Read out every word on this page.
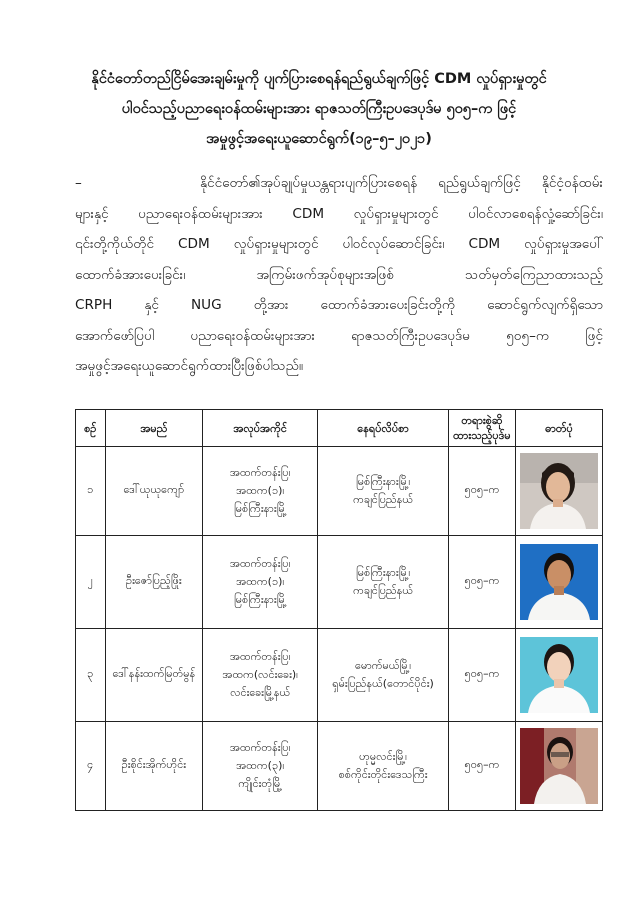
နိုင်ငံတော်တည်ငြိမ်အေးချမ်းမှုကို ပျက်ပြားစေရန်ရည်ရွယ်ချက်ဖြင့် CDM လှုပ်ရှားမှုတွင်
ပါဝင်သည့်ပညာရေးဝန်ထမ်းများအား ရာဇသတ်ကြီးဥပဒေပုဒ်မ ၅၀၅–က ဖြင့်
အမှုဖွင့်အရေးယူဆောင်ရွက်(၁၉–၅–၂၀၂၁)
–	နိုင်ငံတော်၏အုပ်ချုပ်မှုယန္တရားပျက်ပြားစေရန် ရည်ရွယ်ချက်ဖြင့် နိုင်ငံ့ဝန်ထမ်း
များနှင့် ပညာရေးဝန်ထမ်းများအား CDM လှုပ်ရှားမှုများတွင် ပါဝင်လာစေရန်လှုံ့ဆော်ခြင်း၊
၎င်းတို့ကိုယ်တိုင် CDM လှုပ်ရှားမှုများတွင် ပါဝင်လုပ်ဆောင်ခြင်း၊ CDM လှုပ်ရှားမှုအပေါ်
ထောက်ခံအားပေးခြင်း၊ အကြမ်းဖက်အုပ်စုများအဖြစ် သတ်မှတ်ကြေညာထားသည့်
CRPH နှင့် NUG တို့အား ထောက်ခံအားပေးခြင်းတို့ကို ဆောင်ရွက်လျက်ရှိသော
အောက်ဖော်ပြပါ ပညာရေးဝန်ထမ်းများအား ရာဇသတ်ကြီးဥပဒေပုဒ်မ ၅၀၅–က ဖြင့်
အမှုဖွင့်အရေးယူဆောင်ရွက်ထားပြီးဖြစ်ပါသည်။
စဉ်	အမည်	အလုပ်အကိုင်	နေရပ်လိပ်စာ	တရားစွဲဆို
ထားသည့်ပုဒ်မ	ဓာတ်ပုံ
၁	ဒေါ်ယုယုကျော်	အထက်တန်းပြ၊
အထက(၁)၊
မြစ်ကြီးနားမြို့	မြစ်ကြီးနားမြို့၊
ကချင်ပြည်နယ်	၅၀၅–က	

၂	ဦးဇော်ပြည့်ဖြိုး	အထက်တန်းပြ၊
အထက(၁)၊
မြစ်ကြီးနားမြို့	မြစ်ကြီးနားမြို့၊
ကချင်ပြည်နယ်	၅၀၅–က	

၃	ဒေါ်နန်းထက်မြတ်မွန်	အထက်တန်းပြ၊
အထက(လင်းခေး)၊
လင်းခေးမြို့နယ်	မောက်မယ်မြို့၊
ရှမ်းပြည်နယ်(တောင်ပိုင်း)	၅၀၅–က	

၄	ဦးစိုင်းအိုက်ဟိုင်း	အထက်တန်းပြ၊
အထက(၃)၊
ကျိုင်းတုံမြို့	ဟုမ္မလင်းမြို့၊
စစ်ကိုင်းတိုင်းဒေသကြီး	၅၀၅–က	
